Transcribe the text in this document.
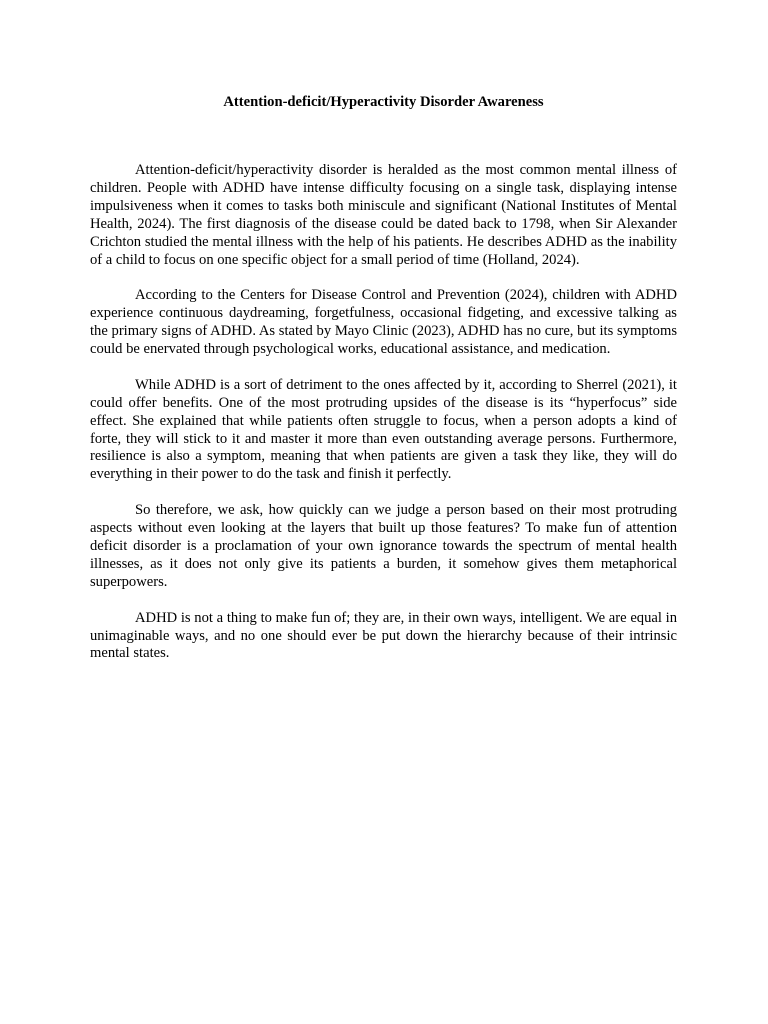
Attention-deficit/Hyperactivity Disorder Awareness

Attention-deficit/hyperactivity disorder is heralded as the most common mental illness of children. People with ADHD have intense difficulty focusing on a single task, displaying intense impulsiveness when it comes to tasks both miniscule and significant (National Institutes of Mental Health, 2024). The first diagnosis of the disease could be dated back to 1798, when Sir Alexander Crichton studied the mental illness with the help of his patients. He describes ADHD as the inability of a child to focus on one specific object for a small period of time (Holland, 2024).

According to the Centers for Disease Control and Prevention (2024), children with ADHD experience continuous daydreaming, forgetfulness, occasional fidgeting, and excessive talking as the primary signs of ADHD. As stated by Mayo Clinic (2023), ADHD has no cure, but its symptoms could be enervated through psychological works, educational assistance, and medication.

While ADHD is a sort of detriment to the ones affected by it, according to Sherrel (2021), it could offer benefits. One of the most protruding upsides of the disease is its “hyperfocus” side effect. She explained that while patients often struggle to focus, when a person adopts a kind of forte, they will stick to it and master it more than even outstanding average persons. Furthermore, resilience is also a symptom, meaning that when patients are given a task they like, they will do everything in their power to do the task and finish it perfectly.

So therefore, we ask, how quickly can we judge a person based on their most protruding aspects without even looking at the layers that built up those features? To make fun of attention deficit disorder is a proclamation of your own ignorance towards the spectrum of mental health illnesses, as it does not only give its patients a burden, it somehow gives them metaphorical superpowers.

ADHD is not a thing to make fun of; they are, in their own ways, intelligent. We are equal in unimaginable ways, and no one should ever be put down the hierarchy because of their intrinsic mental states.
